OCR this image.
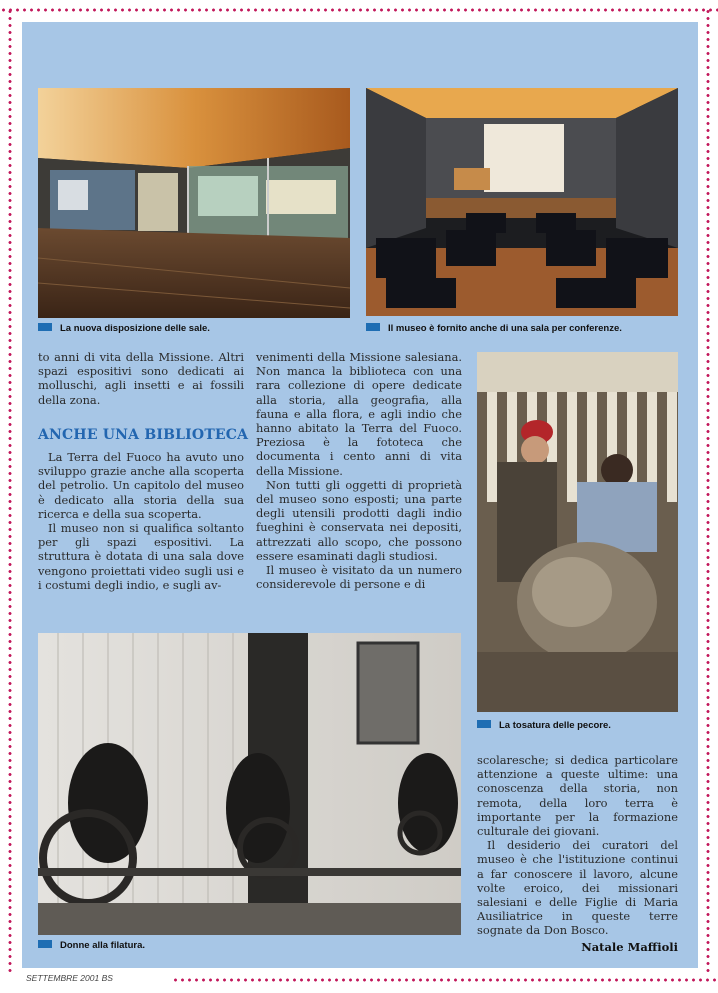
La nuova disposizione delle sale.	Il museo è fornito anche di una sala per conferenze.

to anni di vita della Missione. Altri spazi espositivi sono dedicati ai molluschi, agli insetti e ai fossili della zona.

ANCHE UNA BIBLIOTECA

La Terra del Fuoco ha avuto uno sviluppo grazie anche alla scoperta del petrolio. Un capitolo del museo è dedicato alla storia della sua ricerca e della sua scoperta.

Il museo non si qualifica soltanto per gli spazi espositivi. La struttura è dotata di una sala dove vengono proiettati video sugli usi e i costumi degli indio, e sugli av-

venimenti della Missione salesiana. Non manca la biblioteca con una rara collezione di opere dedicate alla storia, alla geografia, alla fauna e alla flora, e agli indio che hanno abitato la Terra del Fuoco. Preziosa è la fototeca che documenta i cento anni di vita della Missione.

Non tutti gli oggetti di proprietà del museo sono esposti; una parte degli utensili prodotti dagli indio fueghini è conservata nei depositi, attrezzati allo scopo, che possono essere esaminati dagli studiosi.

Il museo è visitato da un numero considerevole di persone e di

La tosatura delle pecore.
Donne alla filatura.

scolaresche; si dedica particolare attenzione a queste ultime: una conoscenza della storia, non remota, della loro terra è importante per la formazione culturale dei giovani.

Il desiderio dei curatori del museo è che l'istituzione continui a far conoscere il lavoro, alcune volte eroico, dei missionari salesiani e delle Figlie di Maria Ausiliatrice in queste terre sognate da Don Bosco.

Natale Maffioli
SETTEMBRE 2001 BS
